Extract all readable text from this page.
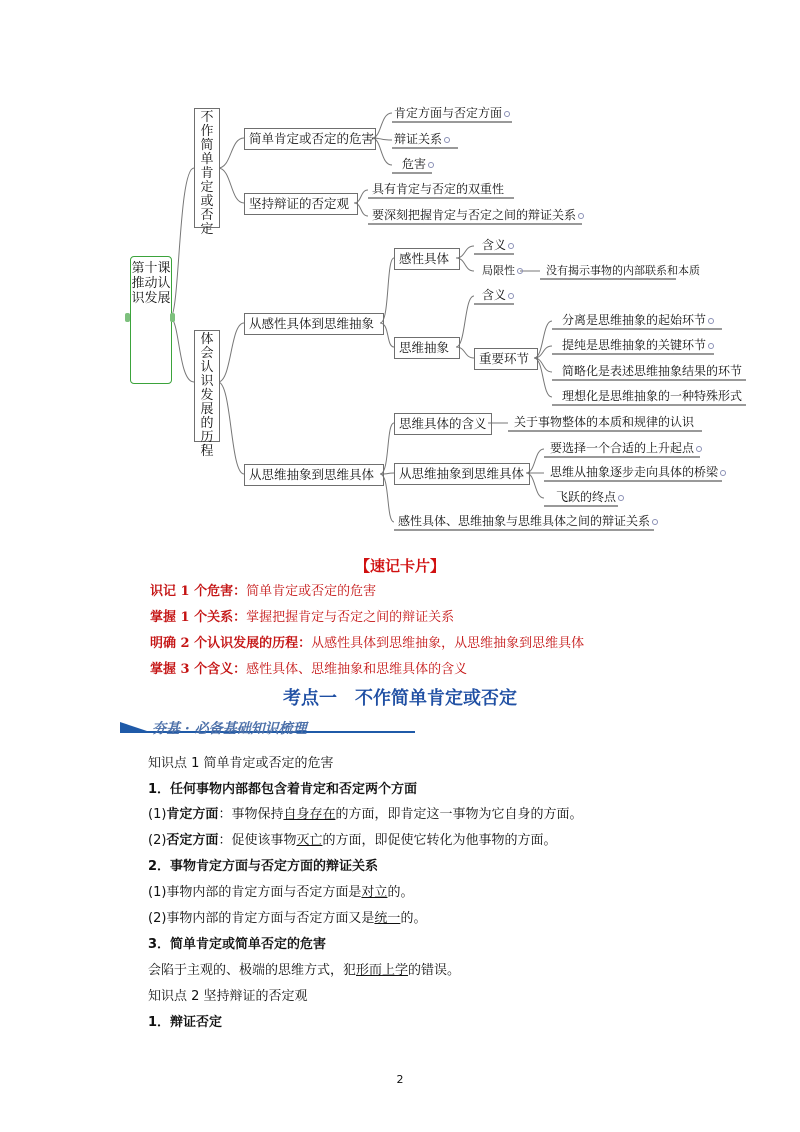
第十课 推动认识发展
不作简单肯定或否定
体会认识发展的历程
简单肯定或否定的危害
坚持辩证的否定观
从感性具体到思维抽象
从思维抽象到思维具体
感性具体
思维抽象
重要环节
思维具体的含义
从思维抽象到思维具体
肯定方面与否定方面
辩证关系
危害
具有肯定与否定的双重性
要深刻把握肯定与否定之间的辩证关系
含义
局限性	没有揭示事物的内部联系和本质
含义
分离是思维抽象的起始环节
提纯是思维抽象的关键环节
简略化是表述思维抽象结果的环节
理想化是思维抽象的一种特殊形式
关于事物整体的本质和规律的认识
要选择一个合适的上升起点
思维从抽象逐步走向具体的桥梁
飞跃的终点
感性具体、思维抽象与思维具体之间的辩证关系
【速记卡片】
识记 1 个危害：简单肯定或否定的危害
掌握 1 个关系：掌握把握肯定与否定之间的辩证关系
明确 2 个认识发展的历程：从感性具体到思维抽象，从思维抽象到思维具体
掌握 3 个含义：感性具体、思维抽象和思维具体的含义
考点一　不作简单肯定或否定
夯基 · 必备基础知识梳理
知识点 1 简单肯定或否定的危害
1．任何事物内部都包含着肯定和否定两个方面
(1)肯定方面：事物保持自身存在的方面，即肯定这一事物为它自身的方面。
(2)否定方面：促使该事物灭亡的方面，即促使它转化为他事物的方面。
2．事物肯定方面与否定方面的辩证关系
(1)事物内部的肯定方面与否定方面是对立的。
(2)事物内部的肯定方面与否定方面又是统一的。
3．简单肯定或简单否定的危害
会陷于主观的、极端的思维方式，犯形而上学的错误。
知识点 2 坚持辩证的否定观
1．辩证否定
2
